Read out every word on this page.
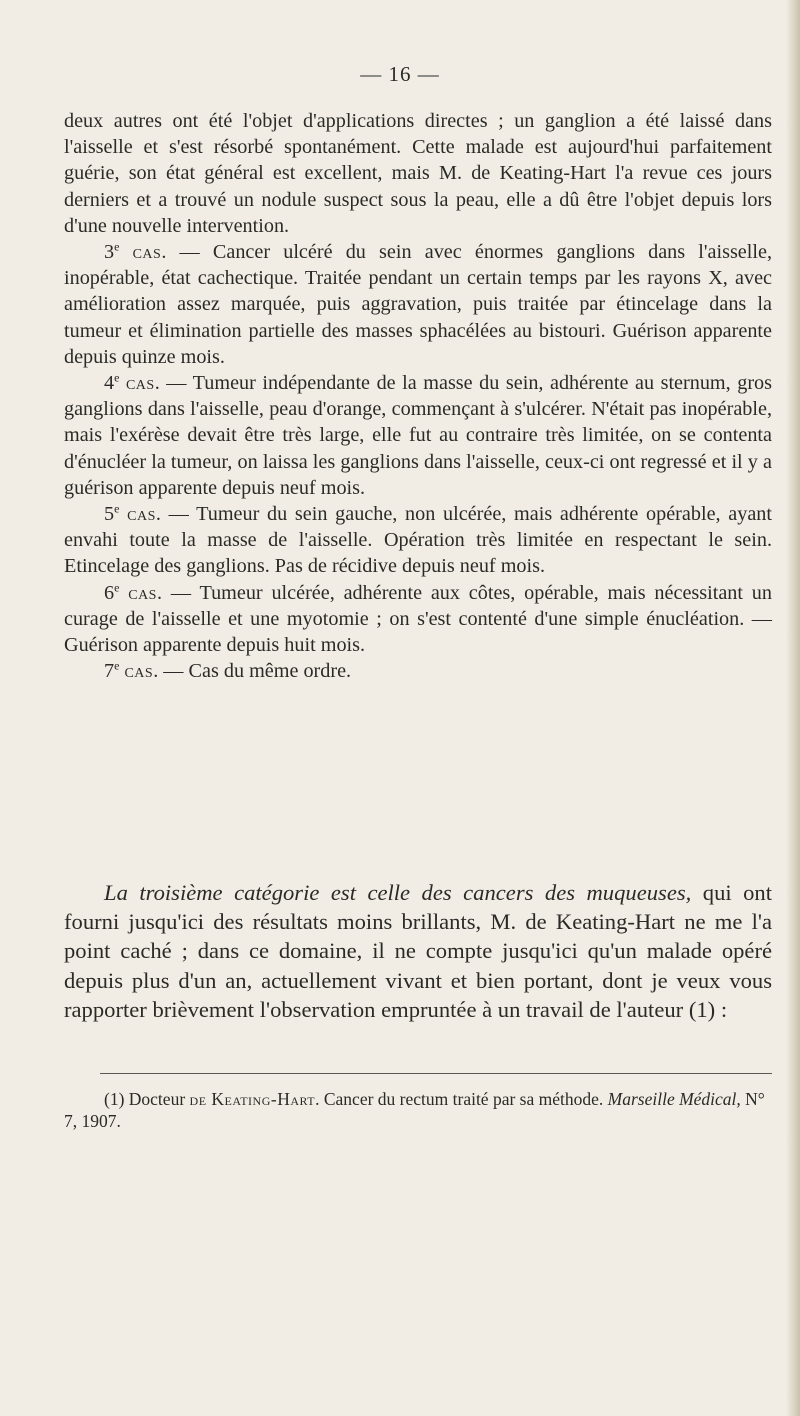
— 16 —

deux autres ont été l'objet d'applications directes ; un ganglion a été laissé dans l'aisselle et s'est résorbé spontanément. Cette malade est aujourd'hui parfaitement guérie, son état général est excellent, mais M. de Keating-Hart l'a revue ces jours derniers et a trouvé un nodule suspect sous la peau, elle a dû être l'objet depuis lors d'une nouvelle intervention.

3e cas. — Cancer ulcéré du sein avec énormes ganglions dans l'aisselle, inopérable, état cachectique. Traitée pendant un certain temps par les rayons X, avec amélioration assez marquée, puis aggravation, puis traitée par étincelage dans la tumeur et élimination partielle des masses sphacélées au bistouri. Guérison apparente depuis quinze mois.

4e cas. — Tumeur indépendante de la masse du sein, adhérente au sternum, gros ganglions dans l'aisselle, peau d'orange, commençant à s'ulcérer. N'était pas inopérable, mais l'exérèse devait être très large, elle fut au contraire très limitée, on se contenta d'énucléer la tumeur, on laissa les ganglions dans l'aisselle, ceux-ci ont regressé et il y a guérison apparente depuis neuf mois.

5e cas. — Tumeur du sein gauche, non ulcérée, mais adhérente opérable, ayant envahi toute la masse de l'aisselle. Opération très limitée en respectant le sein. Etincelage des ganglions. Pas de récidive depuis neuf mois.

6e cas. — Tumeur ulcérée, adhérente aux côtes, opérable, mais nécessitant un curage de l'aisselle et une myotomie ; on s'est contenté d'une simple énucléation. — Guérison apparente depuis huit mois.

7e cas. — Cas du même ordre.

La troisième catégorie est celle des cancers des muqueuses, qui ont fourni jusqu'ici des résultats moins brillants, M. de Keating-Hart ne me l'a point caché ; dans ce domaine, il ne compte jusqu'ici qu'un malade opéré depuis plus d'un an, actuellement vivant et bien portant, dont je veux vous rapporter brièvement l'observation empruntée à un travail de l'auteur (1) :

(1) Docteur de Keating-Hart. Cancer du rectum traité par sa méthode. Marseille Médical, N° 7, 1907.
